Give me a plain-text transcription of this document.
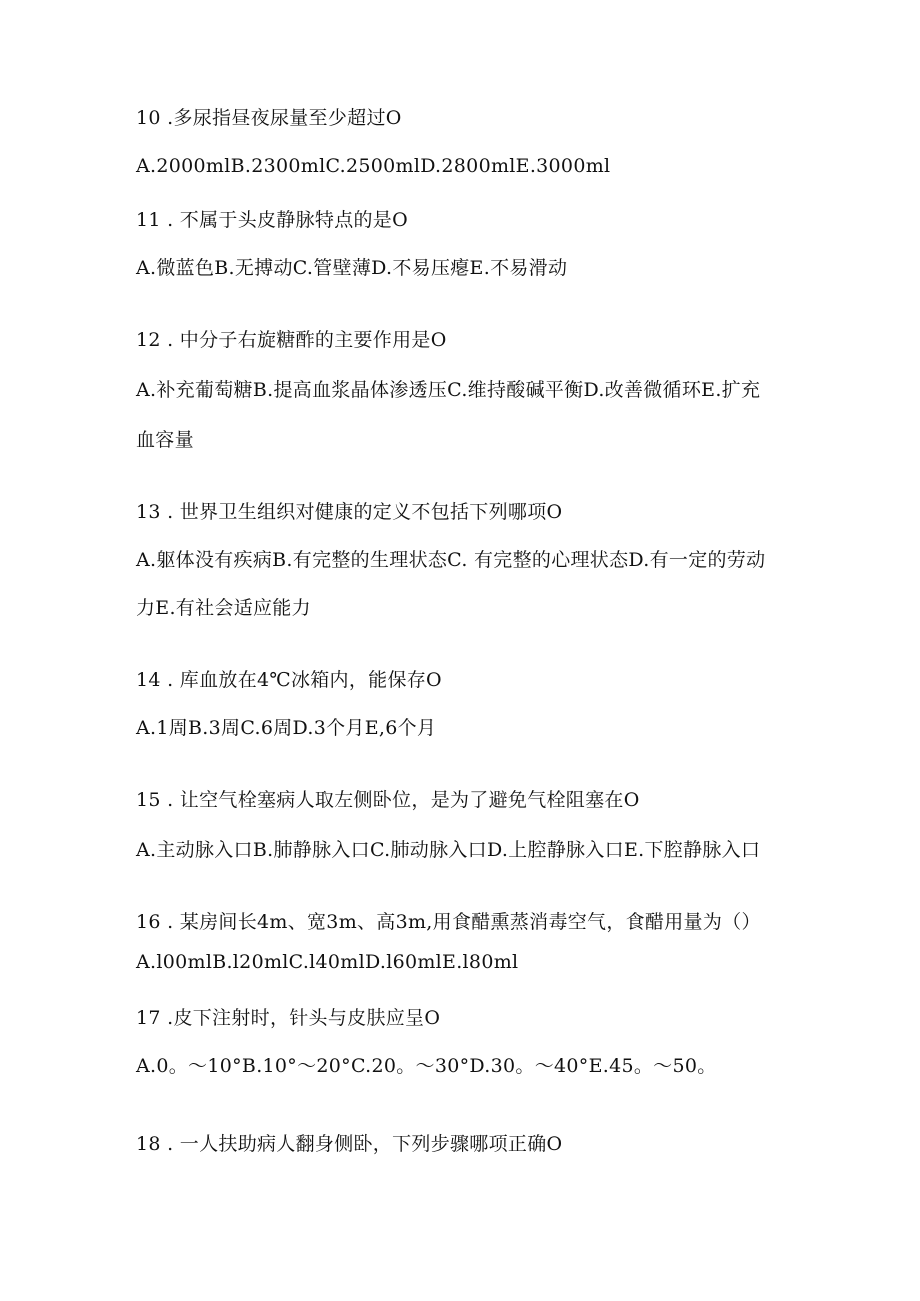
10 .多尿指昼夜尿量至少超过O
A.2000mlB.2300mlC.2500mlD.2800mlE.3000ml
11 . 不属于头皮静脉特点的是O
A.微蓝色B.无搏动C.管壁薄D.不易压瘪E.不易滑动
12 . 中分子右旋糖酢的主要作用是O
A.补充葡萄糖B.提高血浆晶体渗透压C.维持酸碱平衡D.改善微循环E.扩充
血容量
13 . 世界卫生组织对健康的定义不包括下列哪项O
A.躯体没有疾病B.有完整的生理状态C. 有完整的心理状态D.有一定的劳动
力E.有社会适应能力
14 . 库血放在4℃冰箱内，能保存O
A.1周B.3周C.6周D.3个月E,6个月
15 . 让空气栓塞病人取左侧卧位，是为了避免气栓阻塞在O
A.主动脉入口B.肺静脉入口C.肺动脉入口D.上腔静脉入口E.下腔静脉入口
16 . 某房间长4m、宽3m、高3m,用食醋熏蒸消毒空气，食醋用量为（）
A.l00mlB.l20mlC.l40mlD.l60mlE.l80ml
17 .皮下注射时，针头与皮肤应呈O
A.0。～10°B.10°～20°C.20。～30°D.30。～40°E.45。～50。
18 . 一人扶助病人翻身侧卧，下列步骤哪项正确O
